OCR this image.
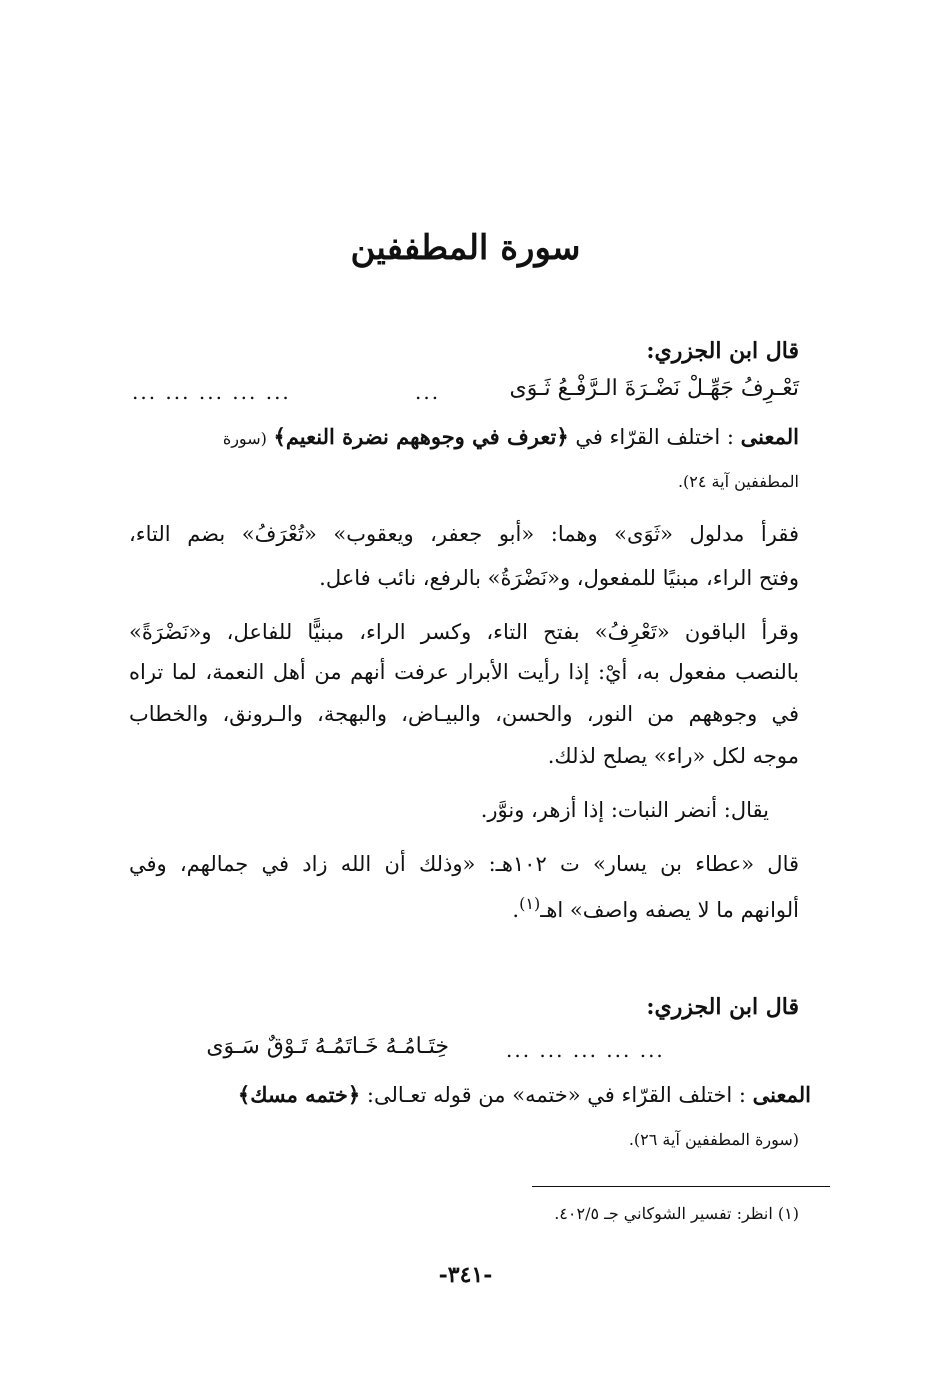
سورة المطففين
قال ابن الجزري:
تَعْـرِفُ جَهِّـلْ نَضْـرَةَ الـرَّفْـعُ ثَـوَى
...
... ... ... ... ...
المعنى : اختلف القرّاء في ﴿تعرف في وجوههم نضرة النعيم﴾ (سورة
المطففين آية ٢٤).
فقرأ مدلول «ثَوَى» وهما: «أبو جعفر، ويعقوب» «تُعْرَفُ» بضم التاء،
وفتح الراء، مبنيًا للمفعول، و«نَضْرَةُ» بالرفع، نائب فاعل.
وقرأ الباقون «تَعْرِفُ» بفتح التاء، وكسر الراء، مبنيًّا للفاعل، و«نَضْرَةً»
بالنصب مفعول به، أيْ: إذا رأيت الأبرار عرفت أنهم من أهل النعمة، لما تراه
في وجوههم من النور، والحسن، والبيـاض، والبهجة، والـرونق، والخطاب
موجه لكل «راء» يصلح لذلك.
يقال: أنضر النبات: إذا أزهر، ونوَّر.
قال «عطاء بن يسار» ت ١٠٢هـ: «وذلك أن الله زاد في جمالهم، وفي
ألوانهم ما لا يصفه واصف» اهـ$^{(١)}$.
قال ابن الجزري:
خِتَـامُـهُ خَـاتَمُـهُ تَـوْقٌ سَـوَى	... ... ... ... ...
المعنى : اختلف القرّاء في «ختمه» من قوله تعـالى: ﴿ختمه مسك﴾
(سورة المطففين آية ٢٦).
(١) انظر: تفسير الشوكاني جـ ٤٠٢/٥.
-٣٤١-
